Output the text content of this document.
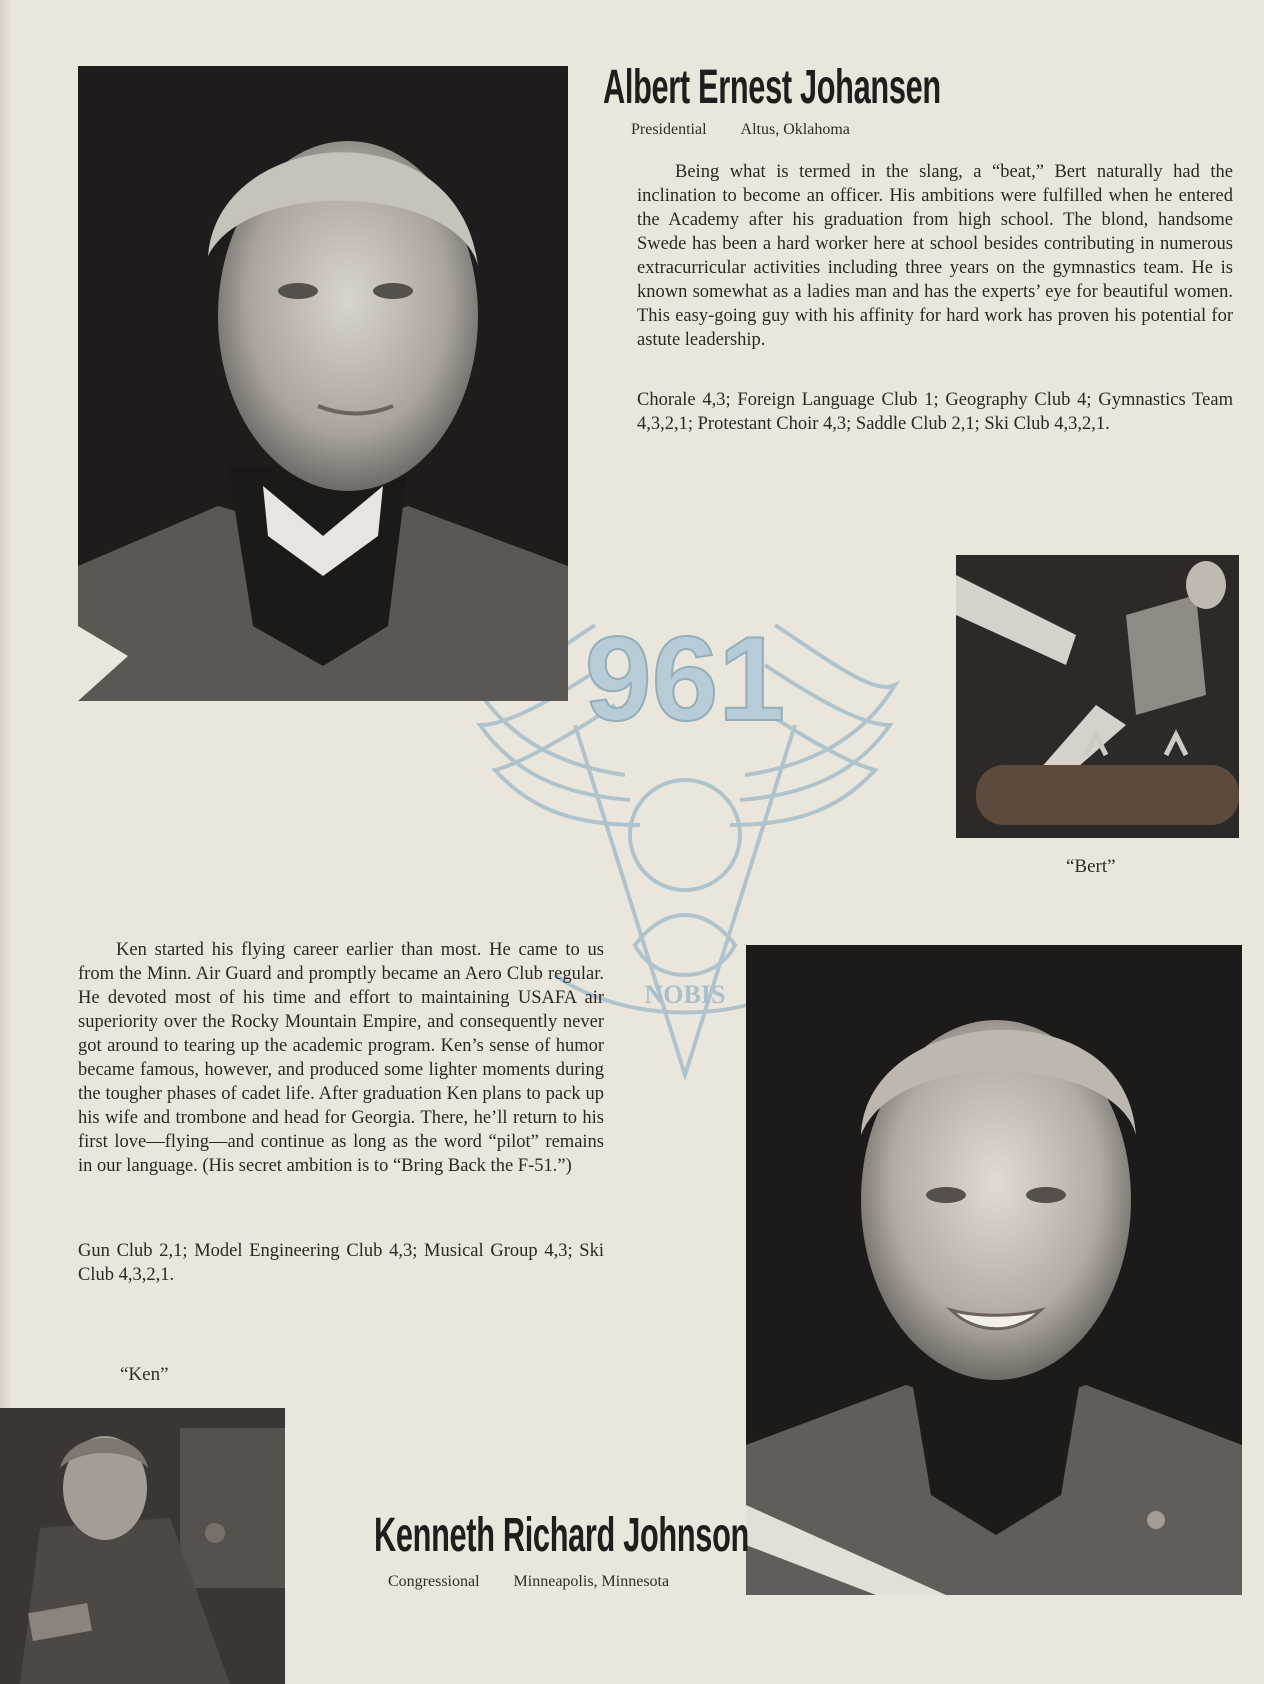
961
NOBIS
Albert Ernest Johansen
Presidential Altus, Oklahoma

Being what is termed in the slang, a “beat,” Bert naturally had the inclination to become an officer. His ambitions were fulfilled when he entered the Academy after his graduation from high school. The blond, handsome Swede has been a hard worker here at school besides contributing in numerous extracurricular activities including three years on the gymnastics team. He is known somewhat as a ladies man and has the experts’ eye for beautiful women. This easy-going guy with his affinity for hard work has proven his potential for astute leadership.

Chorale 4,3; Foreign Language Club 1; Geography Club 4; Gymnastics Team 4,3,2,1; Protestant Choir 4,3; Saddle Club 2,1; Ski Club 4,3,2,1.

“Bert”

Ken started his flying career earlier than most. He came to us from the Minn. Air Guard and promptly became an Aero Club regular. He devoted most of his time and effort to maintaining USAFA air superiority over the Rocky Mountain Empire, and consequently never got around to tearing up the academic program. Ken’s sense of humor became famous, however, and produced some lighter moments during the tougher phases of cadet life. After graduation Ken plans to pack up his wife and trombone and head for Georgia. There, he’ll return to his first love—flying—and continue as long as the word “pilot” remains in our language. (His secret ambition is to “Bring Back the F-51.”)

Gun Club 2,1; Model Engineering Club 4,3; Musical Group 4,3; Ski Club 4,3,2,1.

“Ken”
Kenneth Richard Johnson
Congressional Minneapolis, Minnesota
